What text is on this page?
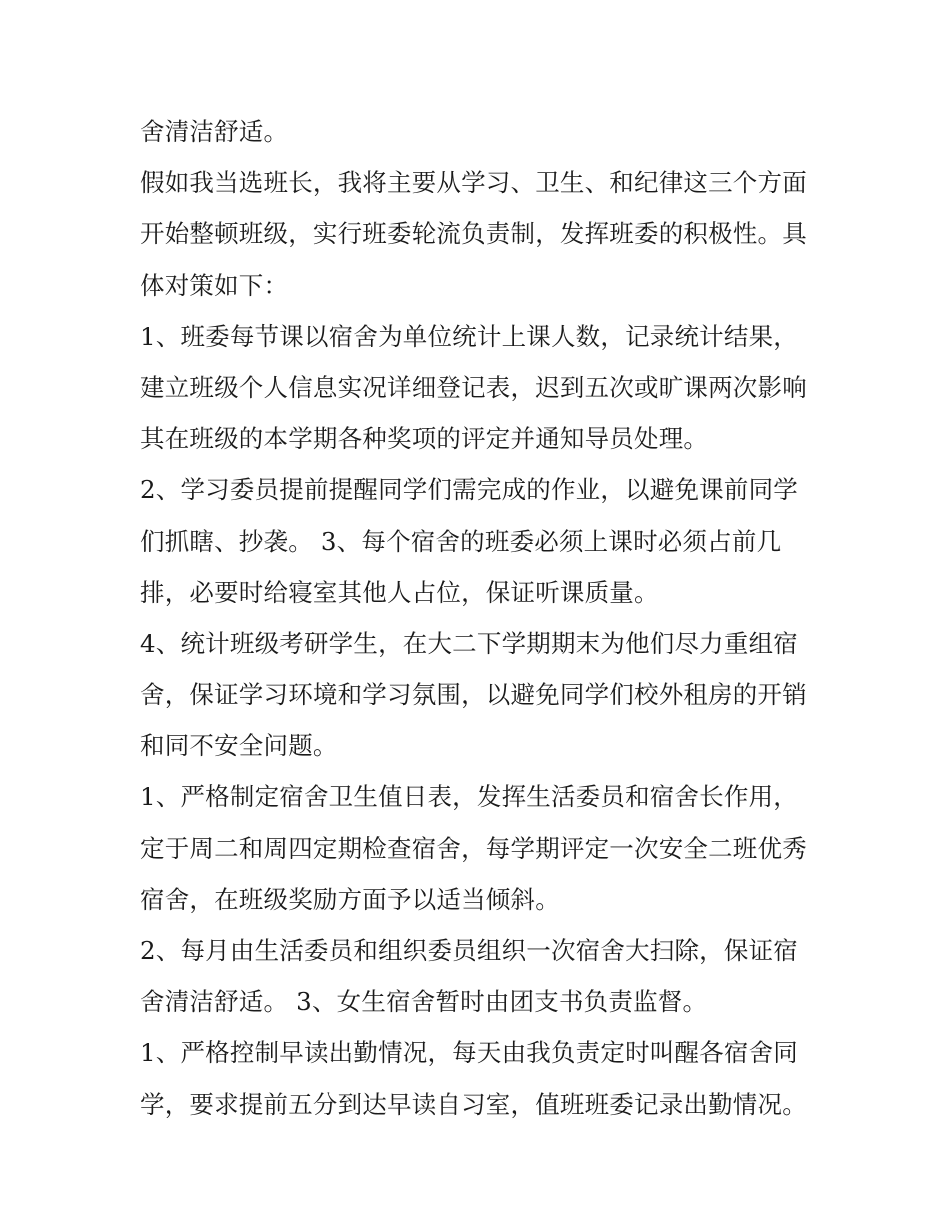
舍清洁舒适。
假如我当选班长，我将主要从学习、卫生、和纪律这三个方面
开始整顿班级，实行班委轮流负责制，发挥班委的积极性。具
体对策如下：
1、班委每节课以宿舍为单位统计上课人数，记录统计结果，
建立班级个人信息实况详细登记表，迟到五次或旷课两次影响
其在班级的本学期各种奖项的评定并通知导员处理。
2、学习委员提前提醒同学们需完成的作业，以避免课前同学
们抓瞎、抄袭。 3、每个宿舍的班委必须上课时必须占前几
排，必要时给寝室其他人占位，保证听课质量。
4、统计班级考研学生，在大二下学期期末为他们尽力重组宿
舍，保证学习环境和学习氛围，以避免同学们校外租房的开销
和同不安全问题。
1、严格制定宿舍卫生值日表，发挥生活委员和宿舍长作用，
定于周二和周四定期检查宿舍，每学期评定一次安全二班优秀
宿舍，在班级奖励方面予以适当倾斜。
2、每月由生活委员和组织委员组织一次宿舍大扫除，保证宿
舍清洁舒适。 3、女生宿舍暂时由团支书负责监督。
1、严格控制早读出勤情况，每天由我负责定时叫醒各宿舍同
学，要求提前五分到达早读自习室，值班班委记录出勤情况。
